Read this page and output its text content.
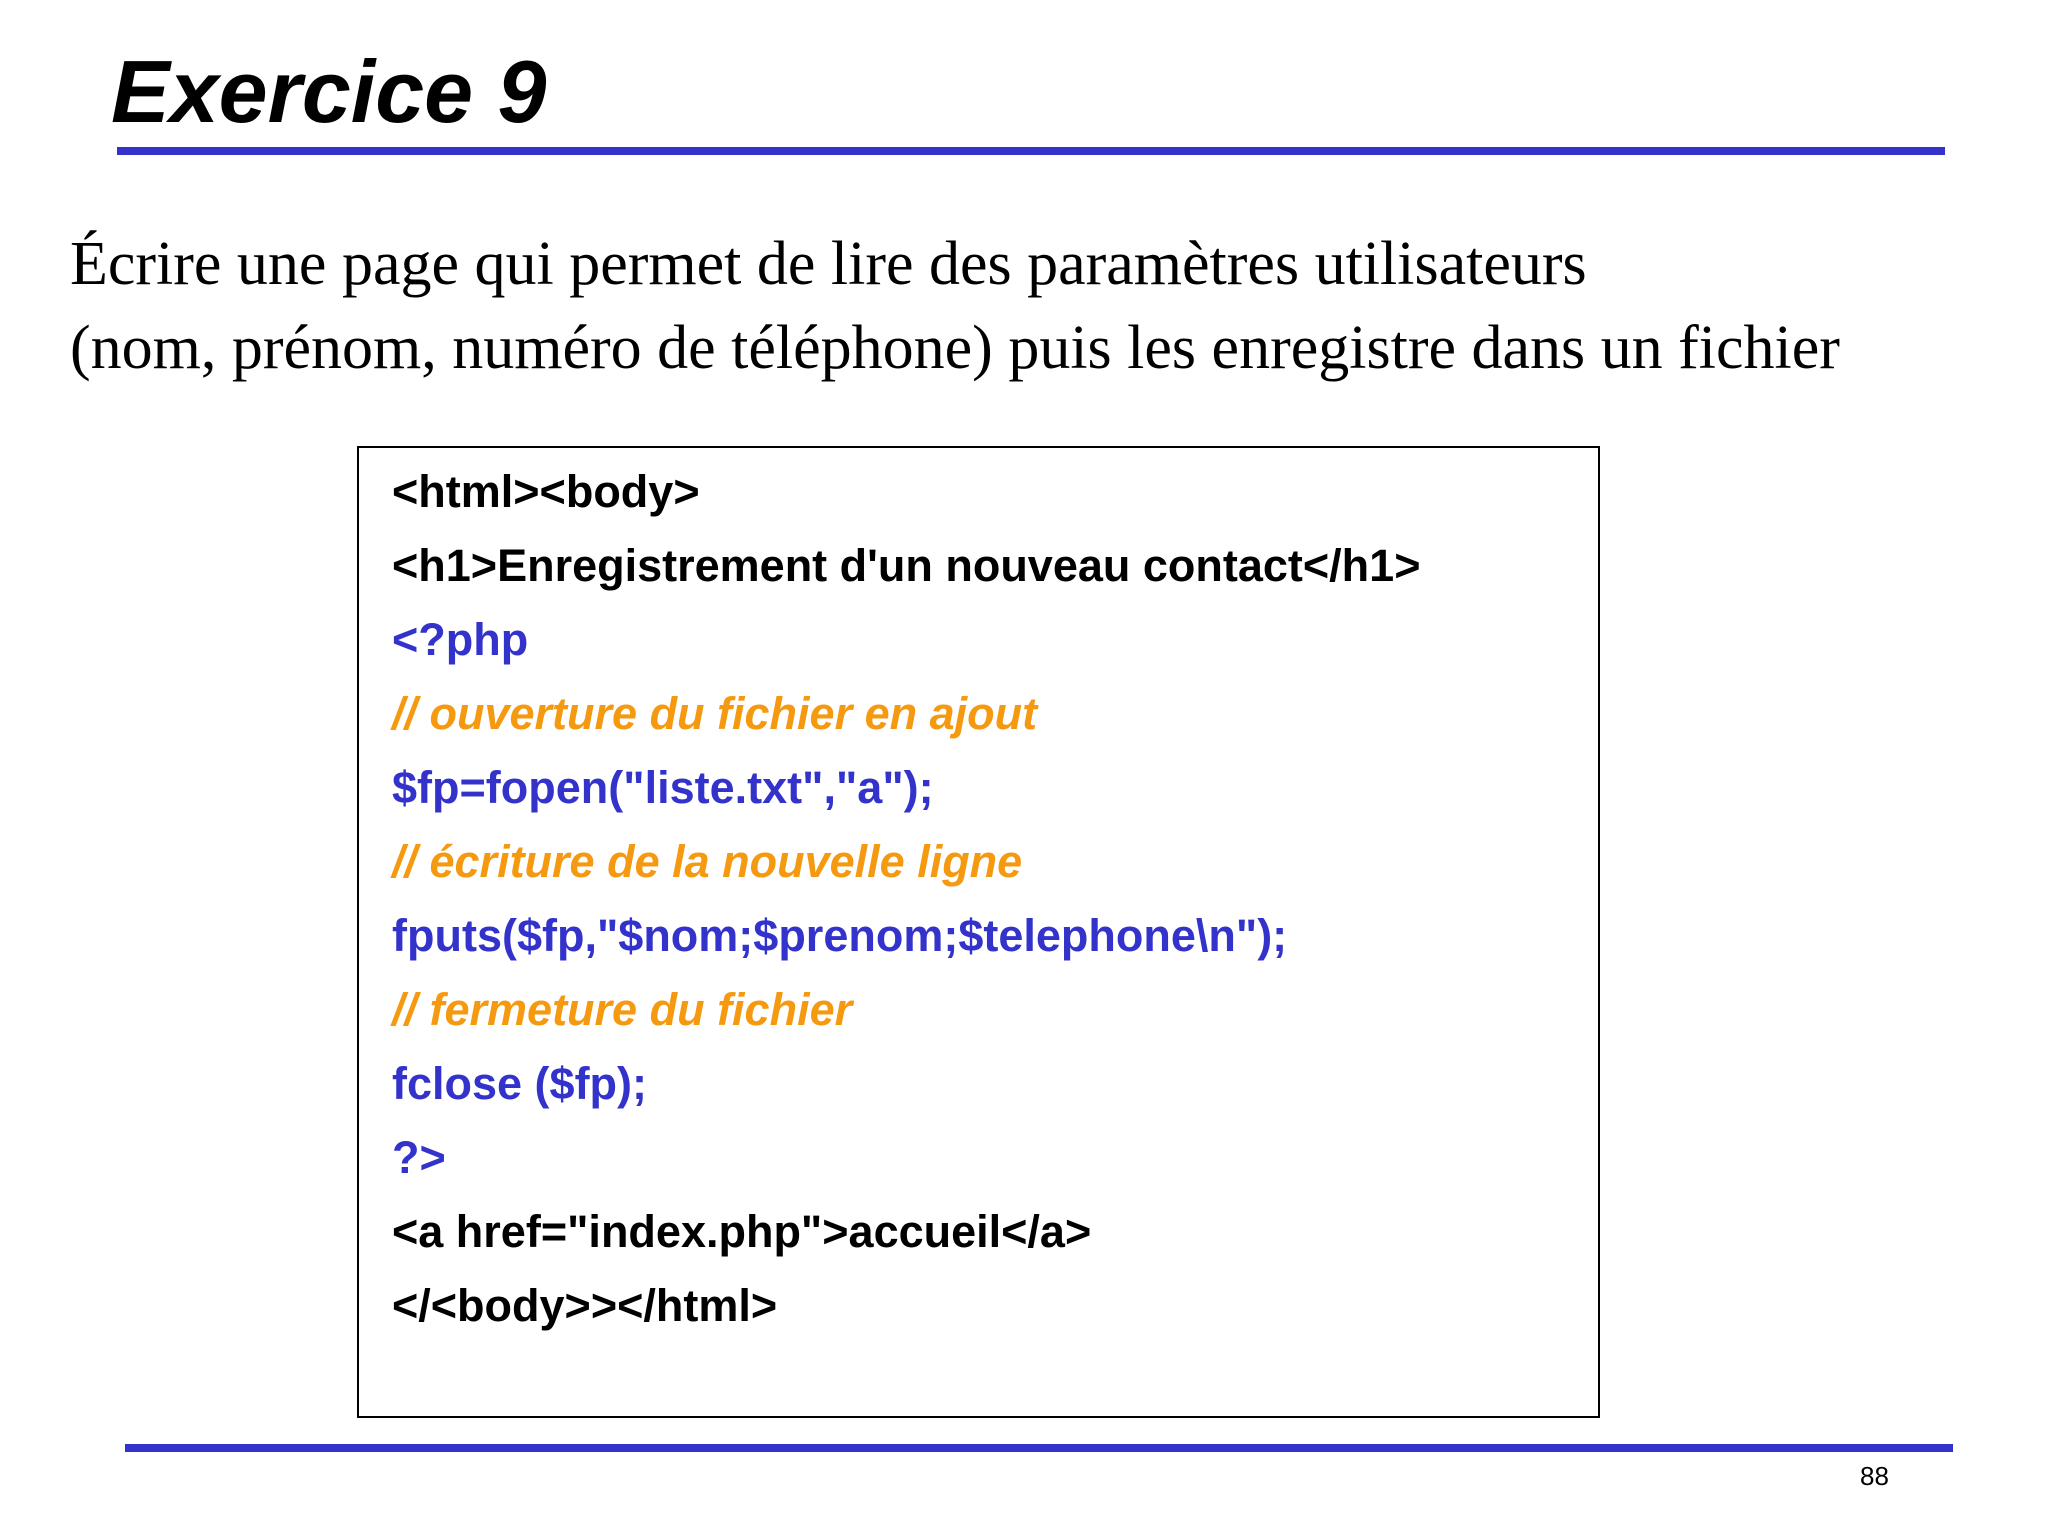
Exercice 9
Écrire une page qui permet de lire des paramètres utilisateurs
(nom, prénom, numéro de téléphone) puis les enregistre dans un fichier
<html><body>
<h1>Enregistrement d'un nouveau contact</h1>
<?php
// ouverture du fichier en ajout
$fp=fopen("liste.txt","a");
// écriture de la nouvelle ligne
fputs($fp,"$nom;$prenom;$telephone\n");
// fermeture du fichier
fclose ($fp);
?>
<a href="index.php">accueil</a>
</<body>></html>
88
